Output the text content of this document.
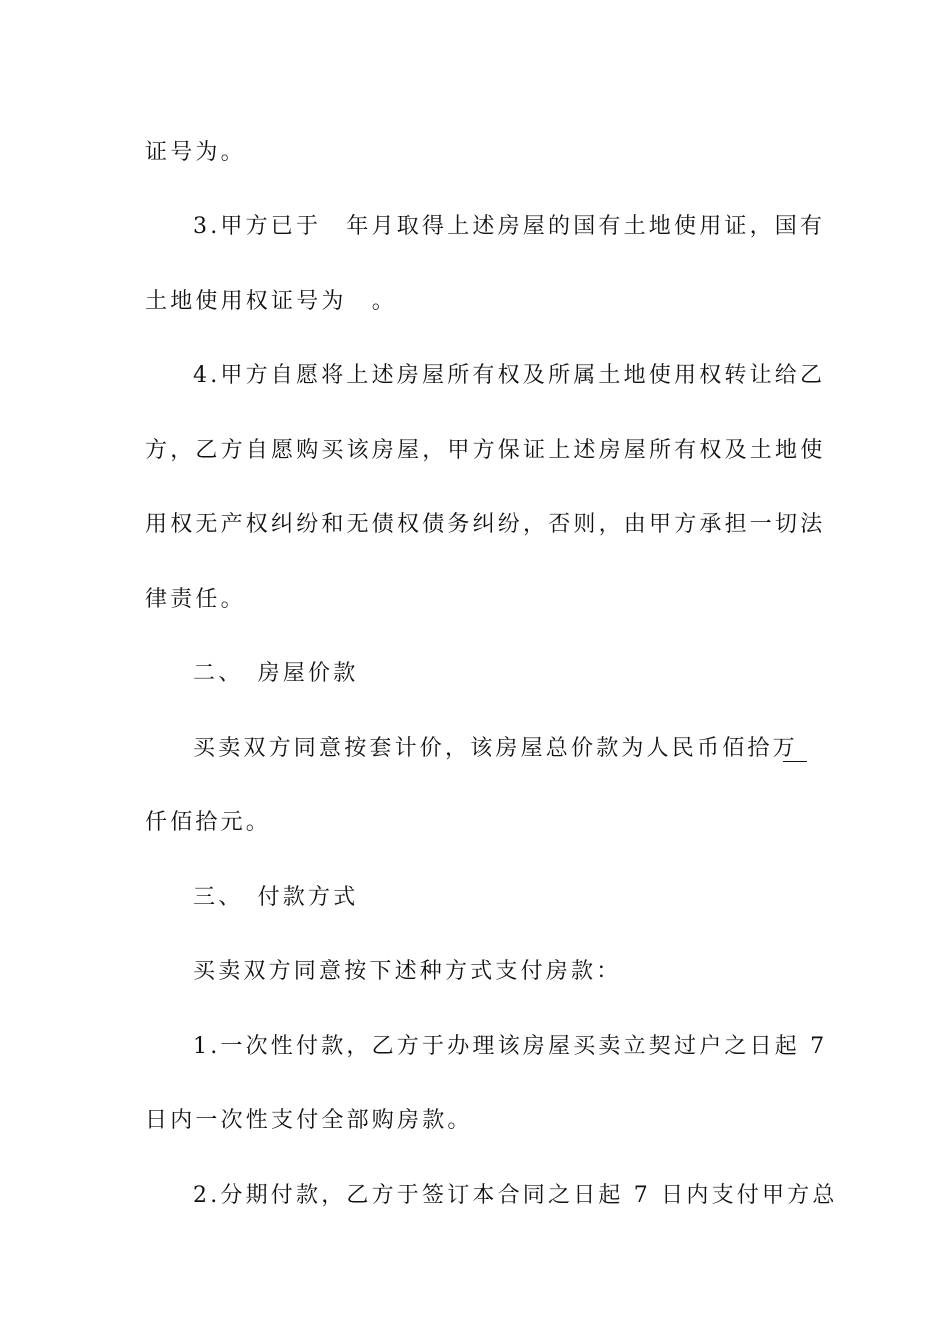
证号为。
3.甲方已于　年月取得上述房屋的国有土地使用证，国有
土地使用权证号为　。
4.甲方自愿将上述房屋所有权及所属土地使用权转让给乙
方，乙方自愿购买该房屋，甲方保证上述房屋所有权及土地使
用权无产权纠纷和无债权债务纠纷，否则，由甲方承担一切法
律责任。
二、　房屋价款
买卖双方同意按套计价，该房屋总价款为人民币佰拾万
仟佰拾元。
三、　付款方式
买卖双方同意按下述种方式支付房款：
1.一次性付款，乙方于办理该房屋买卖立契过户之日起 7
日内一次性支付全部购房款。
2.分期付款，乙方于签订本合同之日起 7 日内支付甲方总
